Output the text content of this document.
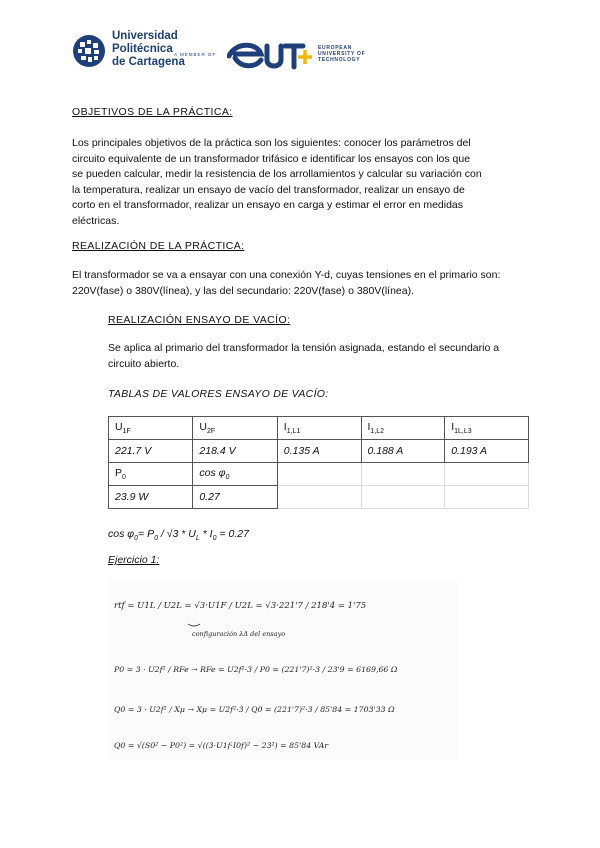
Universidad
Politécnica
de Cartagena
A MEMBER OF
EUROPEAN
UNIVERSITY OF
TECHNOLOGY
OBJETIVOS DE LA PRÁCTICA:
Los principales objetivos de la práctica son los siguientes: conocer los parámetros del
circuito equivalente de un transformador trifásico e identificar los ensayos con los que
se pueden calcular, medir la resistencia de los arrollamientos y calcular su variación con
la temperatura, realizar un ensayo de vacío del transformador, realizar un ensayo de
corto en el transformador, realizar un ensayo en carga y estimar el error en medidas
eléctricas.
REALIZACIÓN DE LA PRÁCTICA:
El transformador se va a ensayar con una conexión Y-d, cuyas tensiones en el primario son:
220V(fase) o 380V(línea), y las del secundario: 220V(fase) o 380V(línea).
REALIZACIÓN ENSAYO DE VACÍO:
Se aplica al primario del transformador la tensión asignada, estando el secundario a
circuito abierto.
TABLAS DE VALORES ENSAYO DE VACÍO:
$U_{1F}$	$U_{2F}$	$I_{1,L1}$	$I_{1,L2}$	$I_{1L,L3}$
221.7 V	218.4 V	0.135 A	0.188 A	0.193 A
$P_0$	$\cos \varphi_0$			
23.9 W	0.27			
$\cos \varphi_0= P_0 / √3 * U_L * I_0 = 0.27$
Ejercicio 1:
rtf = U1L / U2L = √3·U1F / U2L = √3·221'7 / 218'4 = 1'75
configuración λΔ del ensayo
P0 = 3 · U2f² / RFe → RFe = U2f²·3 / P0 = (221'7)²·3 / 23'9 = 6169,66 Ω
Q0 = 3 · U2f² / Xμ → Xμ = U2f²·3 / Q0 = (221'7)²·3 / 85'84 = 1703'33 Ω
Q0 = √(S0² − P0²) = √((3·U1f·I0f)² − 23²) = 85'84 VAr
